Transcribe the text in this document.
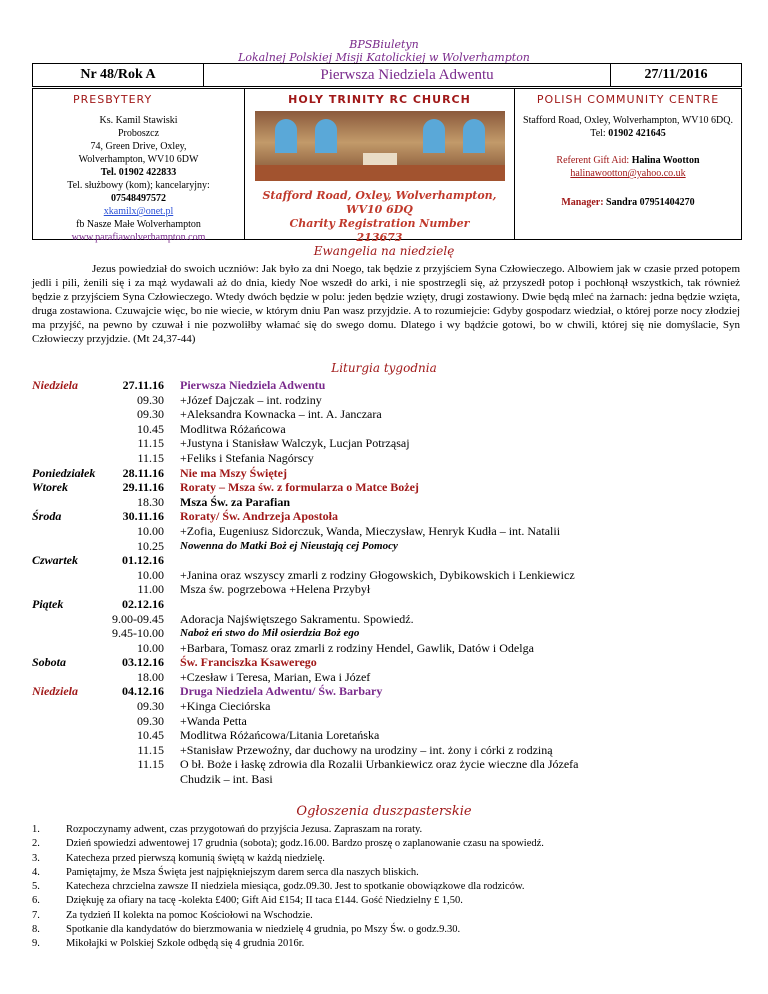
BPSBiuletyn
Lokalnej Polskiej Misji Katolickiej w Wolverhampton
Nr 48/Rok A	Pierwsza Niedziela Adwentu	27/11/2016
PRESBYTERY
Ks. Kamil Stawiski
Proboszcz
74, Green Drive, Oxley,
Wolverhampton, WV10 6DW
Tel. 01902 422833
Tel. służbowy (kom); kancelaryjny:
07548497572
xkamilx@onet.pl
fb Nasze Małe Wolverhampton
www.parafiawolverhampton.com
HOLY TRINITY RC CHURCH
Stafford Road, Oxley, Wolverhampton,
WV10 6DQ
Charity Registration Number
213673
POLISH COMMUNITY CENTRE
Stafford Road, Oxley, Wolverhampton, WV10 6DQ. Tel: 01902 421645
Referent Gift Aid: Halina Wootton
halinawootton@yahoo.co.uk
Manager: Sandra 07951404270
Ewangelia na niedzielę
Jezus powiedział do swoich uczniów: Jak było za dni Noego, tak będzie z przyjściem Syna Człowieczego. Albowiem jak w czasie przed potopem jedli i pili, żenili się i za mąż wydawali aż do dnia, kiedy Noe wszedł do arki, i nie spostrzegli się, aż przyszedł potop i pochłonął wszystkich, tak również będzie z przyjściem Syna Człowieczego. Wtedy dwóch będzie w polu: jeden będzie wzięty, drugi zostawiony. Dwie będą mleć na żarnach: jedna będzie wzięta, druga zostawiona. Czuwajcie więc, bo nie wiecie, w którym dniu Pan wasz przyjdzie. A to rozumiejcie: Gdyby gospodarz wiedział, o której porze nocy złodziej ma przyjść, na pewno by czuwał i nie pozwoliłby włamać się do swego domu. Dlatego i wy bądźcie gotowi, bo w chwili, której się nie domyślacie, Syn Człowieczy przyjdzie. (Mt 24,37-44)
Liturgia tygodnia
Niedziela	27.11.16 Pierwsza Niedziela Adwentu
09.30 +Józef Dajczak – int. rodziny
09.30 +Aleksandra Kownacka – int. A. Janczara
10.45 Modlitwa Różańcowa
11.15 +Justyna i Stanisław Walczyk, Lucjan Potrząsaj
11.15 +Feliks i Stefania Nagórscy
Poniedziałek	28.11.16 Nie ma Mszy Świętej
Wtorek	29.11.16 Roraty – Msza św. z formularza o Matce Bożej
18.30 Msza Św. za Parafian
Środa	30.11.16 Roraty/ Św. Andrzeja Apostoła
10.00 +Zofia, Eugeniusz Sidorczuk, Wanda, Mieczysław, Henryk Kudła – int. Natalii
10.25 Nowenna do Matki Boż ej Nieustają cej Pomocy
Czwartek	01.12.16
10.00 +Janina oraz wszyscy zmarli z rodziny Głogowskich, Dybikowskich i Lenkiewicz
11.00 Msza św. pogrzebowa +Helena Przybył
Piątek	02.12.16
9.00-09.45 Adoracja Najświętszego Sakramentu. Spowiedź.
9.45-10.00 Naboż eń stwo do Mił osierdzia Boż ego
10.00 +Barbara, Tomasz oraz zmarli z rodziny Hendel, Gawlik, Datów i Odelga
Sobota	03.12.16 Św. Franciszka Ksawerego
18.00 +Czesław i Teresa, Marian, Ewa i Józef
Niedziela	04.12.16 Druga Niedziela Adwentu/ Św. Barbary
09.30 +Kinga Cieciórska
09.30 +Wanda Petta
10.45 Modlitwa Różańcowa/Litania Loretańska
11.15 +Stanisław Przewoźny, dar duchowy na urodziny – int. żony i córki z rodziną
11.15 O bł. Boże i łaskę zdrowia dla Rozalii Urbankiewicz oraz życie wieczne dla Józefa
Chudzik – int. Basi
Ogłoszenia duszpasterskie
1. Rozpoczynamy adwent, czas przygotowań do przyjścia Jezusa. Zapraszam na roraty.
2. Dzień spowiedzi adwentowej 17 grudnia (sobota); godz.16.00. Bardzo proszę o zaplanowanie czasu na spowiedź.
3. Katecheza przed pierwszą komunią świętą w każdą niedzielę.
4. Pamiętajmy, że Msza Święta jest najpiękniejszym darem serca dla naszych bliskich.
5. Katecheza chrzcielna zawsze II niedziela miesiąca, godz.09.30. Jest to spotkanie obowiązkowe dla rodziców.
6. Dziękuję za ofiary na tacę -kolekta £400; Gift Aid £154; II taca £144. Gość Niedzielny £ 1,50.
7. Za tydzień II kolekta na pomoc Kościołowi na Wschodzie.
8. Spotkanie dla kandydatów do bierzmowania w niedzielę 4 grudnia, po Mszy Św. o godz.9.30.
9. Mikołajki w Polskiej Szkole odbędą się 4 grudnia 2016r.
